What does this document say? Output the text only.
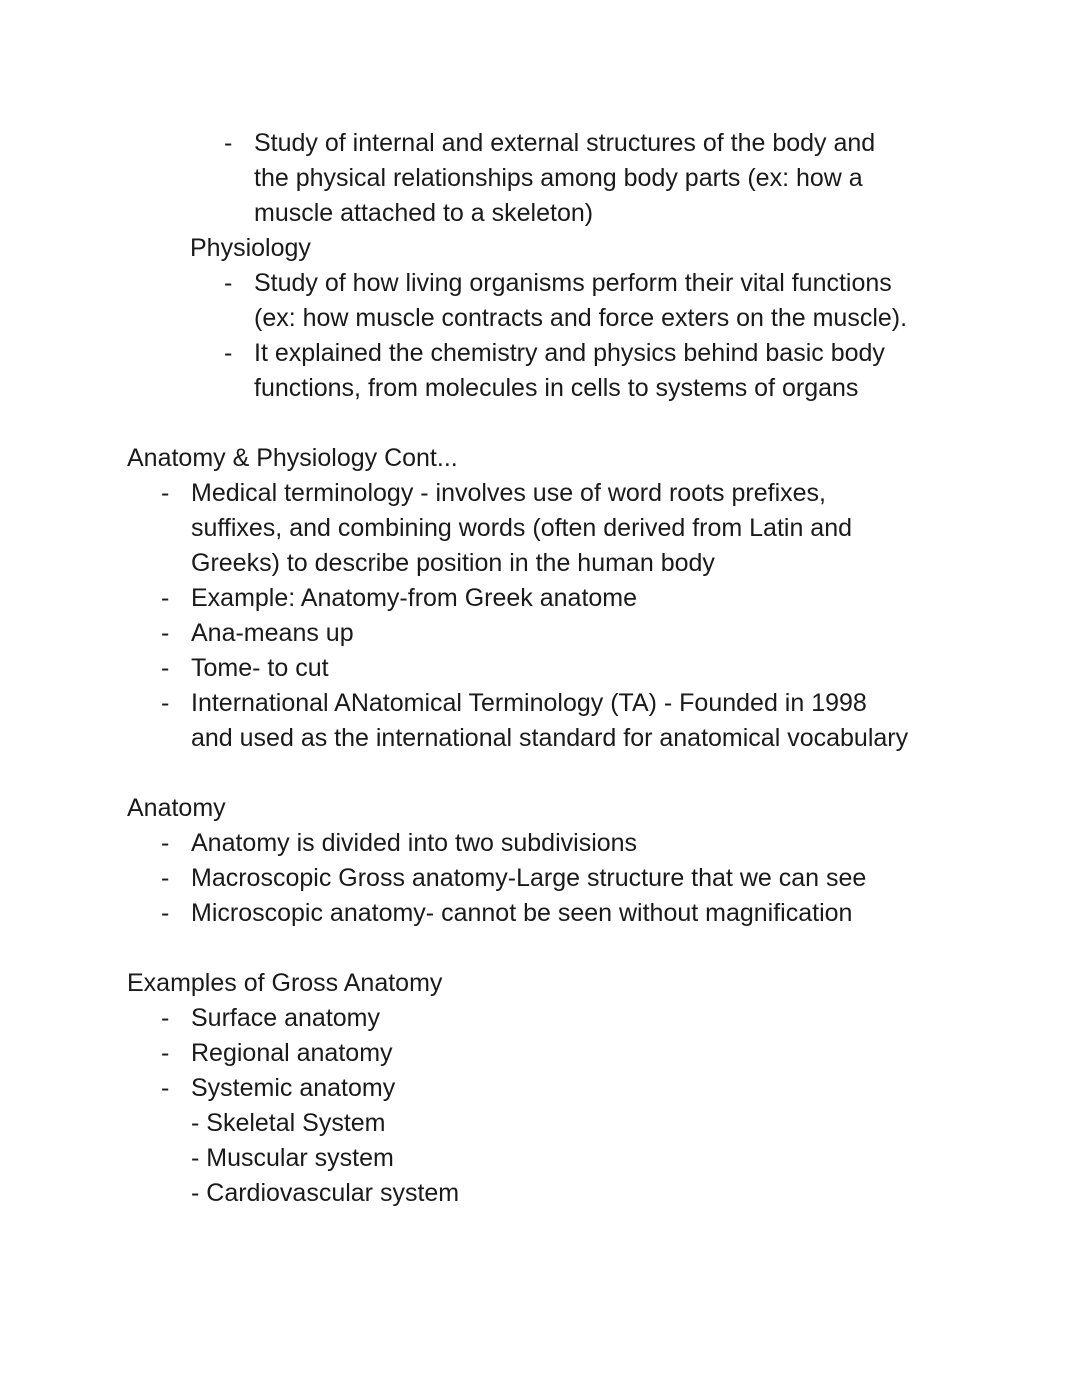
- Study of internal and external structures of the body and
the physical relationships among body parts (ex: how a
muscle attached to a skeleton)
Physiology
- Study of how living organisms perform their vital functions
(ex: how muscle contracts and force exters on the muscle).
- It explained the chemistry and physics behind basic body
functions, from molecules in cells to systems of organs
Anatomy & Physiology Cont...
- Medical terminology - involves use of word roots prefixes,
suffixes, and combining words (often derived from Latin and
Greeks) to describe position in the human body
- Example: Anatomy-from Greek anatome
- Ana-means up
- Tome- to cut
- International ANatomical Terminology (TA) - Founded in 1998
and used as the international standard for anatomical vocabulary
Anatomy
- Anatomy is divided into two subdivisions
- Macroscopic Gross anatomy-Large structure that we can see
- Microscopic anatomy- cannot be seen without magnification
Examples of Gross Anatomy
- Surface anatomy
- Regional anatomy
- Systemic anatomy
- Skeletal System
- Muscular system
- Cardiovascular system
